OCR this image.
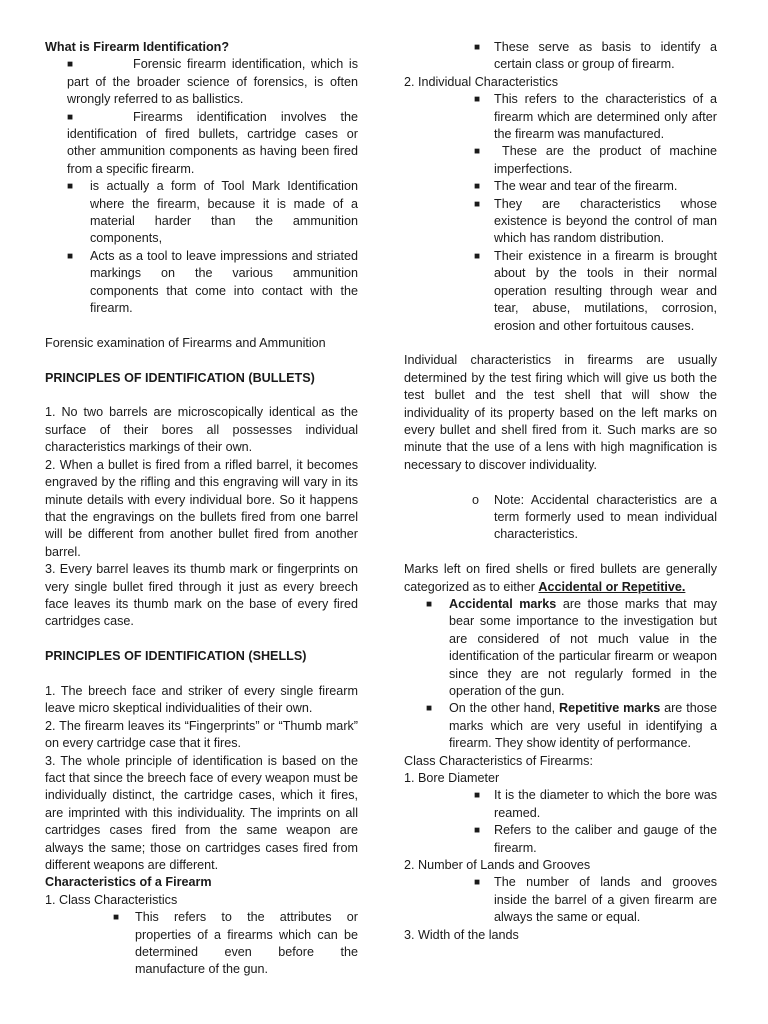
What is Firearm Identification?

■	Forensic firearm identification, which is part of the broader science of forensics, is often wrongly referred to as ballistics.

■	Firearms identification involves the identification of fired bullets, cartridge cases or other ammunition components as having been fired from a specific firearm.

■ is actually a form of Tool Mark Identification where the firearm, because it is made of a material harder than the ammunition components,

■ Acts as a tool to leave impressions and striated markings on the various ammunition components that come into contact with the firearm.

Forensic examination of Firearms and Ammunition

PRINCIPLES OF IDENTIFICATION (BULLETS)

1. No two barrels are microscopically identical as the surface of their bores all possesses individual characteristics markings of their own.

2. When a bullet is fired from a rifled barrel, it becomes engraved by the rifling and this engraving will vary in its minute details with every individual bore. So it happens that the engravings on the bullets fired from one barrel will be different from another bullet fired from another barrel.

3. Every barrel leaves its thumb mark or fingerprints on very single bullet fired through it just as every breech face leaves its thumb mark on the base of every fired cartridges case.

PRINCIPLES OF IDENTIFICATION (SHELLS)

1. The breech face and striker of every single firearm leave micro skeptical individualities of their own.

2. The firearm leaves its “Fingerprints” or “Thumb mark” on every cartridge case that it fires.

3. The whole principle of identification is based on the fact that since the breech face of every weapon must be individually distinct, the cartridge cases, which it fires, are imprinted with this individuality. The imprints on all cartridges cases fired from the same weapon are always the same; those on cartridges cases fired from different weapons are different.

Characteristics of a Firearm

1. Class Characteristics

■ This refers to the attributes or properties of a firearms which can be determined even before the manufacture of the gun.

■ These serve as basis to identify a certain class or group of firearm.

2. Individual Characteristics

■ This refers to the characteristics of a firearm which are determined only after the firearm was manufactured.

■	These are the product of machine imperfections.

■ The wear and tear of the firearm.

■ They are characteristics whose existence is beyond the control of man which has random distribution.

■ Their existence in a firearm is brought about by the tools in their normal operation resulting through wear and tear, abuse, mutilations, corrosion, erosion and other fortuitous causes.

Individual characteristics in firearms are usually determined by the test firing which will give us both the test bullet and the test shell that will show the individuality of its property based on the left marks on every bullet and shell fired from it. Such marks are so minute that the use of a lens with high magnification is necessary to discover individuality.

o Note: Accidental characteristics are a term formerly used to mean individual characteristics.

Marks left on fired shells or fired bullets are generally categorized as to either Accidental or Repetitive.

■ Accidental marks are those marks that may bear some importance to the investigation but are considered of not much value in the identification of the particular firearm or weapon since they are not regularly formed in the operation of the gun.

■ On the other hand, Repetitive marks are those marks which are very useful in identifying a firearm. They show identity of performance.

Class Characteristics of Firearms:

1. Bore Diameter

■ It is the diameter to which the bore was reamed.

■ Refers to the caliber and gauge of the firearm.

2. Number of Lands and Grooves

■ The number of lands and grooves inside the barrel of a given firearm are always the same or equal.

3. Width of the lands
